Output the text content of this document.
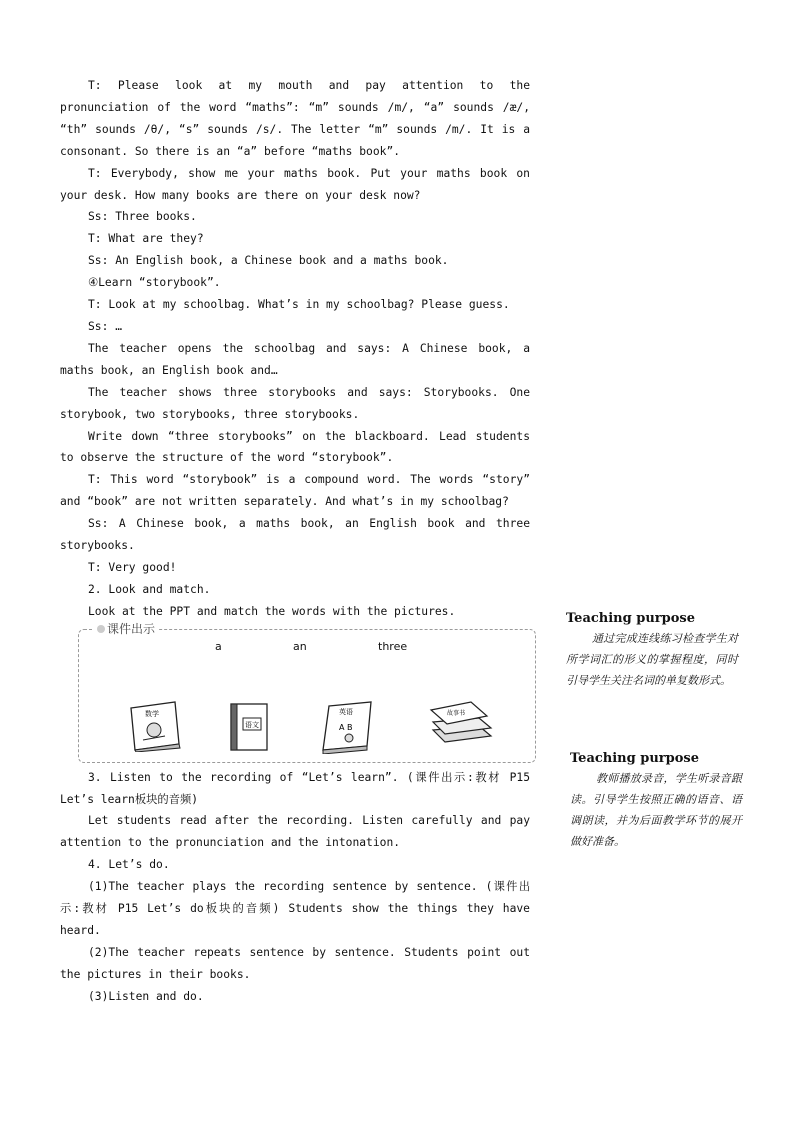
T: Please look at my mouth and pay attention to the pronunciation of the word “maths”: “m” sounds /m/, “a” sounds /æ/, “th” sounds /θ/, “s” sounds /s/. The letter “m” sounds /m/. It is a consonant. So there is an “a” before “maths book”.

T: Everybody, show me your maths book. Put your maths book on your desk. How many books are there on your desk now?

Ss: Three books.

T: What are they?

Ss: An English book, a Chinese book and a maths book.

④Learn “storybook”.

T: Look at my schoolbag. What’s in my schoolbag? Please guess.

Ss: …

The teacher opens the schoolbag and says: A Chinese book, a maths book, an English book and…

The teacher shows three storybooks and says: Storybooks. One storybook, two storybooks, three storybooks.

Write down “three storybooks” on the blackboard. Lead students to observe the structure of the word “storybook”.

T: This word “storybook” is a compound word. The words “story” and “book” are not written separately. And what’s in my schoolbag?

Ss: A Chinese book, a maths book, an English book and three storybooks.

T: Very good!

2. Look and match.

Look at the PPT and match the words with the pictures.

课件出示
a	an	three
数学
语文
英语
A B
故事书

3. Listen to the recording of “Let’s learn”. (课件出示:教材 P15 Let’s learn板块的音频)

Let students read after the recording. Listen carefully and pay attention to the pronunciation and the intonation.

4. Let’s do.

(1)The teacher plays the recording sentence by sentence. (课件出示:教材 P15 Let’s do板块的音频) Students show the things they have heard.

(2)The teacher repeats sentence by sentence. Students point out the pictures in their books.

(3)Listen and do.

Teaching purpose

通过完成连线练习检查学生对所学词汇的形义的掌握程度，同时引导学生关注名词的单复数形式。

Teaching purpose

教师播放录音，学生听录音跟读。引导学生按照正确的语音、语调朗读，并为后面教学环节的展开做好准备。
